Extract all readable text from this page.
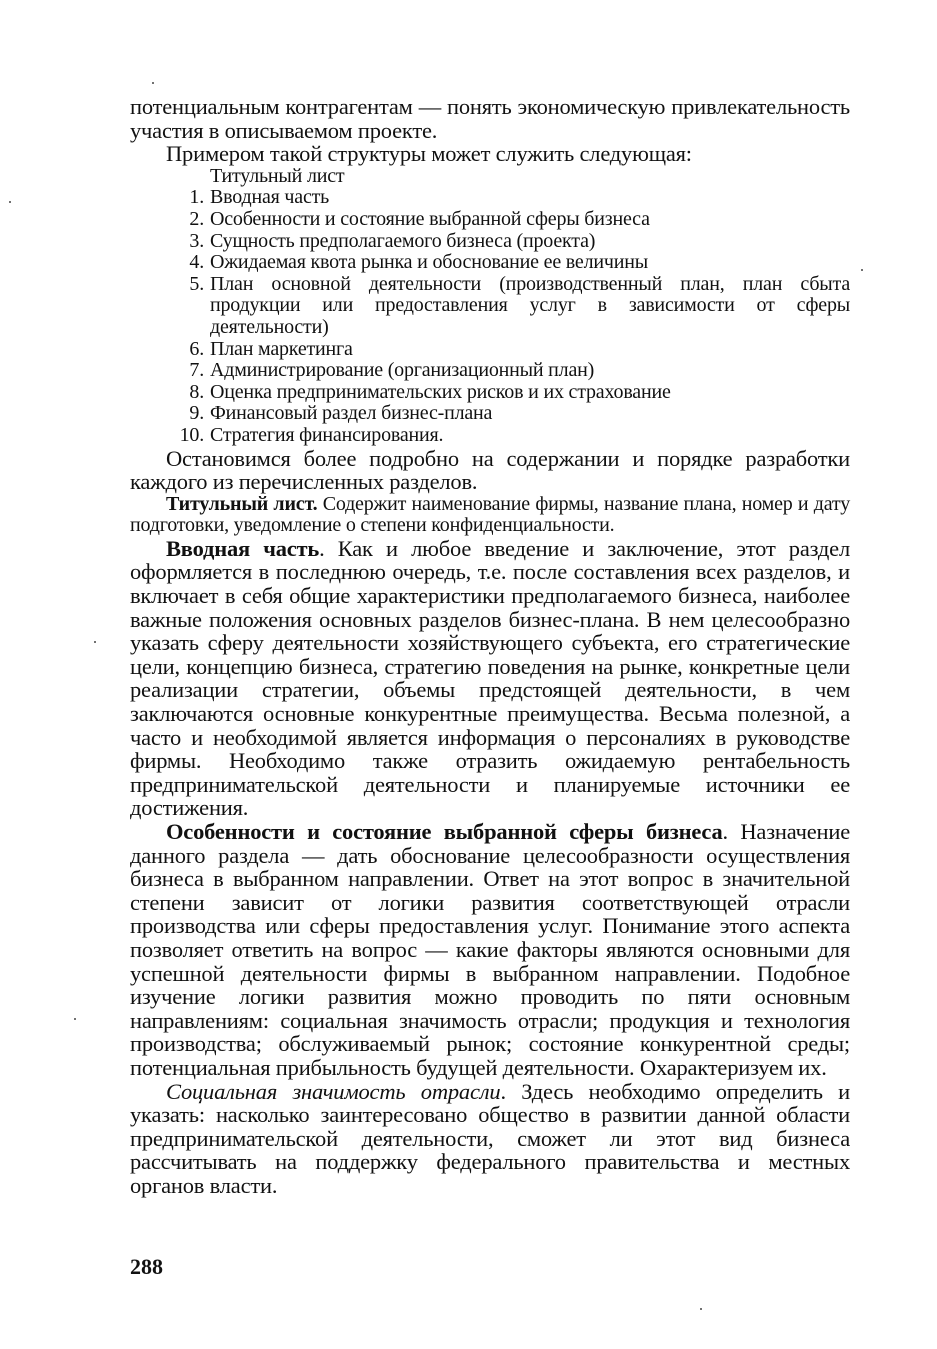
потенциальным контрагентам — понять экономическую привлекательность участия в описываемом проекте.

Примером такой структуры может служить следующая:

Титульный лист
1. Вводная часть
2. Особенности и состояние выбранной сферы бизнеса
3. Сущность предполагаемого бизнеса (проекта)
4. Ожидаемая квота рынка и обоснование ее величины
5. План основной деятельности (производственный план, план сбыта продукции или предоставления услуг в зависимости от сферы деятельности)
6. План маркетинга
7. Администрирование (организационный план)
8. Оценка предпринимательских рисков и их страхование
9. Финансовый раздел бизнес-плана
10. Стратегия финансирования.

Остановимся более подробно на содержании и порядке разработки каждого из перечисленных разделов.

Титульный лист. Содержит наименование фирмы, название плана, номер и дату подготовки, уведомление о степени конфиденциальности.

Вводная часть. Как и любое введение и заключение, этот раздел оформляется в последнюю очередь, т.е. после составления всех разделов, и включает в себя общие характеристики предполагаемого бизнеса, наиболее важные положения основных разделов бизнес-плана. В нем целесообразно указать сферу деятельности хозяйствующего субъекта, его стратегические цели, концепцию бизнеса, стратегию поведения на рынке, конкретные цели реализации стратегии, объемы предстоящей деятельности, в чем заключаются основные конкурентные преимущества. Весьма полезной, а часто и необходимой является информация о персоналиях в руководстве фирмы. Необходимо также отразить ожидаемую рентабельность предпринимательской деятельности и планируемые источники ее достижения.

Особенности и состояние выбранной сферы бизнеса. Назначение данного раздела — дать обоснование целесообразности осуществления бизнеса в выбранном направлении. Ответ на этот вопрос в значительной степени зависит от логики развития соответствующей отрасли производства или сферы предоставления услуг. Понимание этого аспекта позволяет ответить на вопрос — какие факторы являются основными для успешной деятельности фирмы в выбранном направлении. Подобное изучение логики развития можно проводить по пяти основным направлениям: социальная значимость отрасли; продукция и технология производства; обслуживаемый рынок; состояние конкурентной среды; потенциальная прибыльность будущей деятельности. Охарактеризуем их.

Социальная значимость отрасли. Здесь необходимо определить и указать: насколько заинтересовано общество в развитии данной области предпринимательской деятельности, сможет ли этот вид бизнеса рассчитывать на поддержку федерального правительства и местных органов власти.

288
